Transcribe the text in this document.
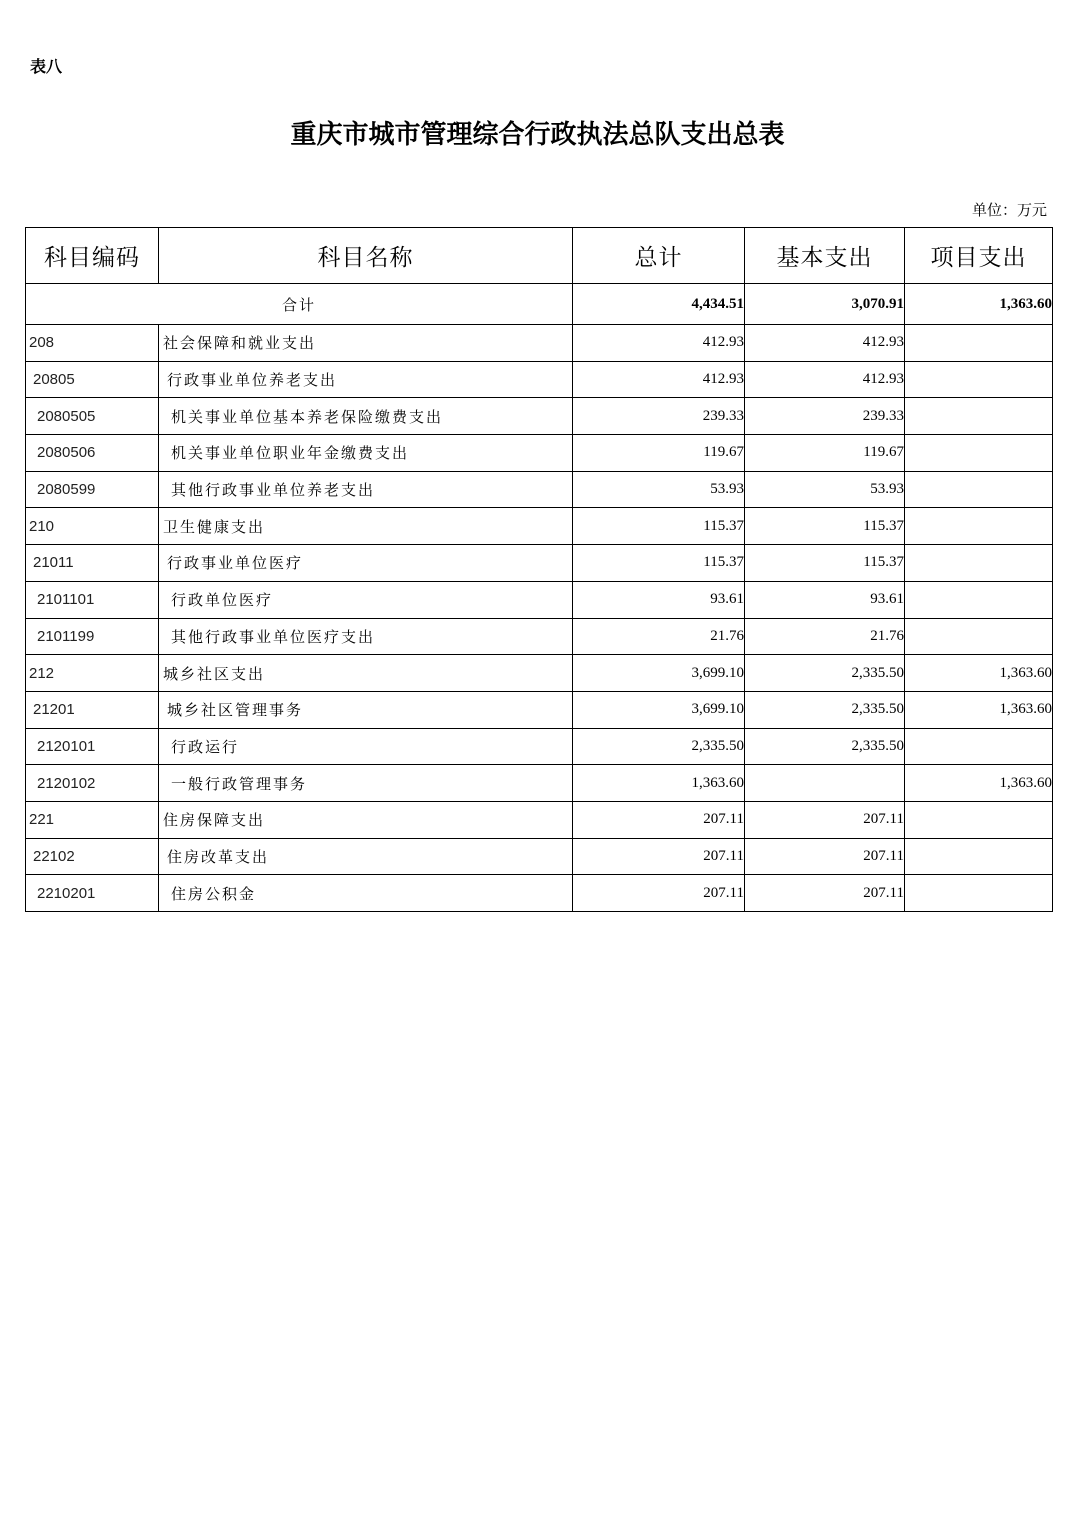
表八
重庆市城市管理综合行政执法总队支出总表
单位：万元
科目编码	科目名称	总计	基本支出	项目支出
合计		4,434.51	3,070.91	1,363.60
208	社会保障和就业支出	412.93	412.93	
20805	行政事业单位养老支出	412.93	412.93	
2080505	机关事业单位基本养老保险缴费支出	239.33	239.33	
2080506	机关事业单位职业年金缴费支出	119.67	119.67	
2080599	其他行政事业单位养老支出	53.93	53.93	
210	卫生健康支出	115.37	115.37	
21011	行政事业单位医疗	115.37	115.37	
2101101	行政单位医疗	93.61	93.61	
2101199	其他行政事业单位医疗支出	21.76	21.76	
212	城乡社区支出	3,699.10	2,335.50	1,363.60
21201	城乡社区管理事务	3,699.10	2,335.50	1,363.60
2120101	行政运行	2,335.50	2,335.50	
2120102	一般行政管理事务	1,363.60		1,363.60
221	住房保障支出	207.11	207.11	
22102	住房改革支出	207.11	207.11	
2210201	住房公积金	207.11	207.11	
